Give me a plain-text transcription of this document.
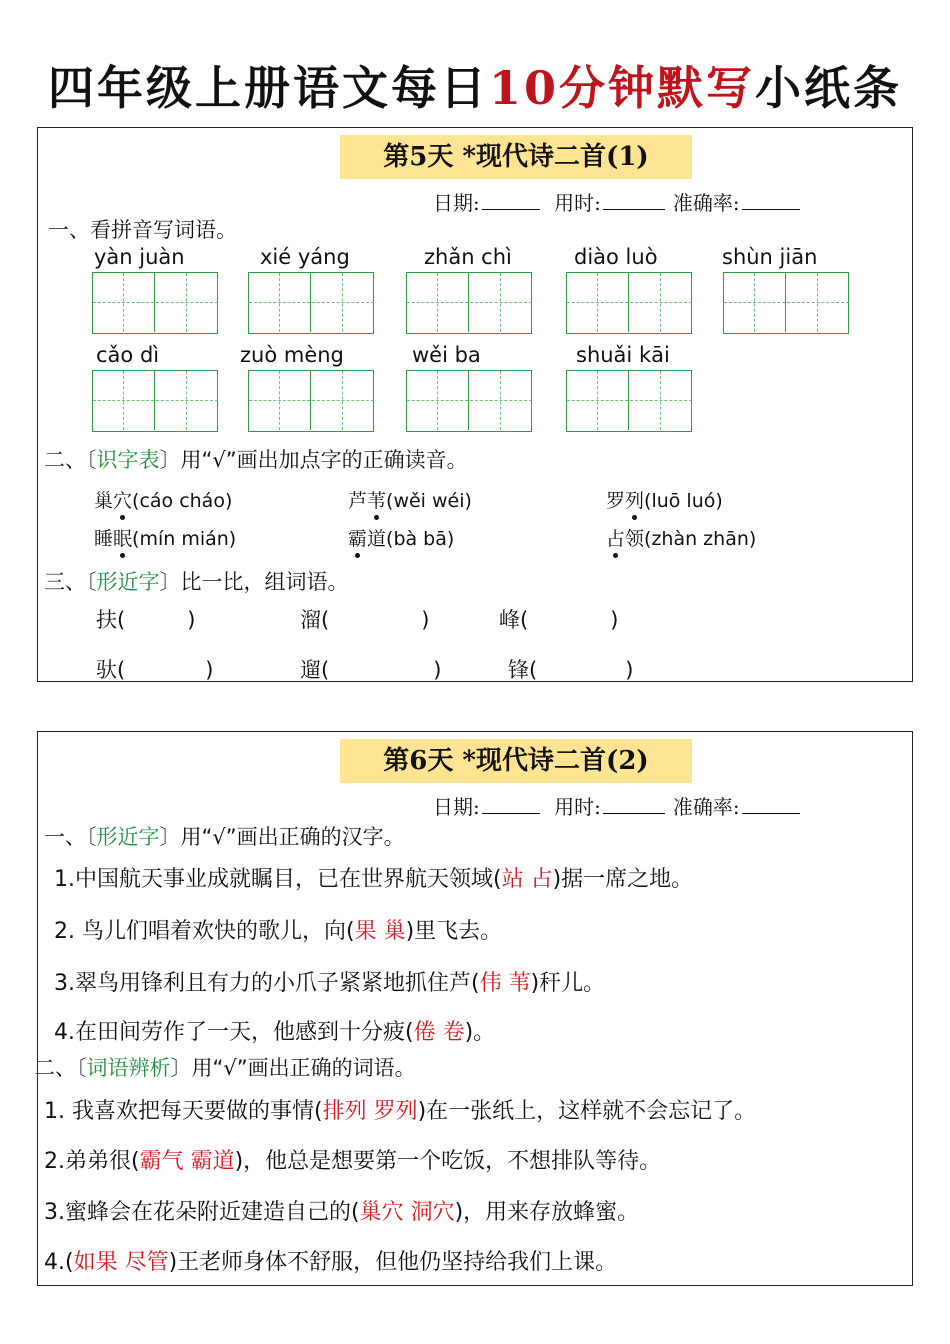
四年级上册语文每日10分钟默写小纸条
第5天 *现代诗二首(1)
日期:	用时:	准确率:
一、看拼音写词语。
yàn juàn	xié yáng	zhǎn chì	diào luò	shùn jiān
cǎo dì	zuò mèng	wěi ba	shuǎi kāi
二、〔识字表〕用“√”画出加点字的正确读音。
巢穴(cáo cháo)	芦苇(wěi wéi)	罗列(luō luó)
睡眠(mín mián)	霸道(bà bā)	占领(zhàn zhān)
三、〔形近字〕比一比，组词语。
扶(	)	溜(	)	峰(	)
驮(	)	遛(	)	锋(	)
第6天 *现代诗二首(2)
日期:	用时:	准确率:
一、〔形近字〕用“√”画出正确的汉字。
1.中国航天事业成就瞩目，已在世界航天领域(站 占)据一席之地。
2. 鸟儿们唱着欢快的歌儿，向(果 巢)里飞去。
3.翠鸟用锋利且有力的小爪子紧紧地抓住芦(伟 苇)秆儿。
4.在田间劳作了一天，他感到十分疲(倦 卷)。
二、〔词语辨析〕用“√”画出正确的词语。
1. 我喜欢把每天要做的事情(排列 罗列)在一张纸上，这样就不会忘记了。
2.弟弟很(霸气 霸道)，他总是想要第一个吃饭，不想排队等待。
3.蜜蜂会在花朵附近建造自己的(巢穴 洞穴)，用来存放蜂蜜。
4.(如果 尽管)王老师身体不舒服，但他仍坚持给我们上课。
